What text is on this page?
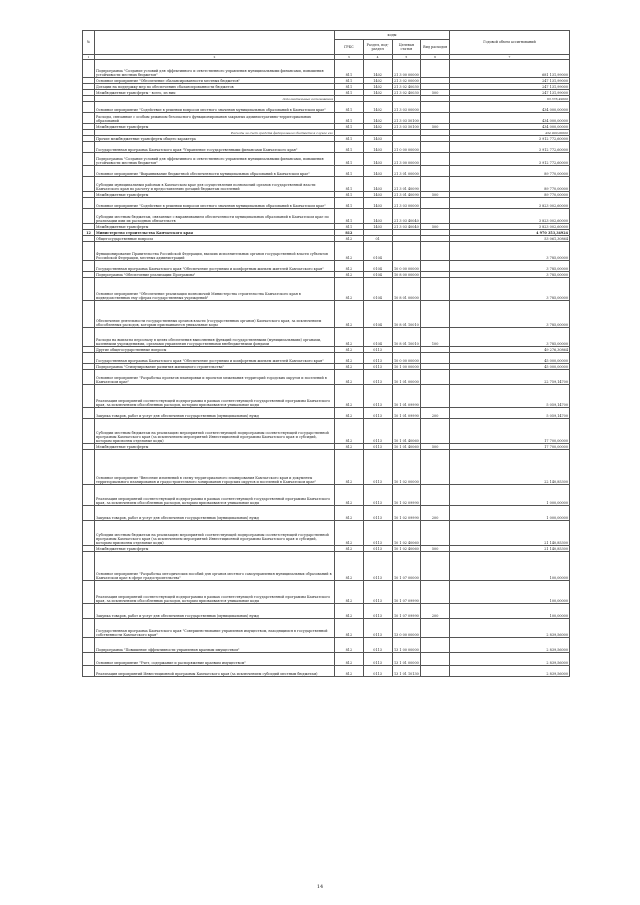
№		коды				Годовой объем ассигнований
		ГРБС	Раздел, под-раздел	Целевая статья	Вид расходов	
1	2	3	4	5	6	7
	Подпрограмма "Создание условий для эффективного и ответственного управления муниципальными финансами, повышения устойчивости местных бюджетов"	811	1402	21 3 00 00000		681 131,99000
	Основное мероприятие "Обеспечение сбалансированности местных бюджетов"	811	1402	21 3 02 00000		247 131,99000
	Дотации на поддержку мер по обеспечению сбалансированности бюджетов	811	1402	21 3 02 40030		247 131,99000
	Межбюджетные трансферты - всего, из них:	811	1402	21 3 02 40030	500	247 131,99000
	дополнительные ассигнования					63 376,49000
	Основное мероприятие "Содействие в решении вопросов местного значения муниципальных образований в Камчатском крае"	811	1402	21 3 03 00000		434 000,00000
	Расходы, связанные с особым режимом безопасного функционирования закрытых административно-территориальных образований	811	1402	21 3 03 50100		434 000,00000
	Межбюджетные трансферты	811	1402	21 3 03 50100	500	434 000,00000
	Расходы за счет средств федерального бюджета в случае его					434 000,00000
	Прочие межбюджетные трансферты общего характера	811	1403			3 912 772,60000
	Государственная программа Камчатского края "Управление государственными финансами Камчатского края"	811	1403	21 0 00 00000		3 912 772,60000
	Подпрограмма "Создание условий для эффективного и ответственного управления муниципальными финансами, повышения устойчивости местных бюджетов"	811	1403	21 3 00 00000		3 912 772,60000
	Основное мероприятие "Выравнивание бюджетной обеспеченности муниципальных образований в Камчатском крае"	811	1403	21 3 01 00000		89 770,00000
	Субсидии муниципальным районам в Камчатском крае для осуществления полномочий органов государственной власти Камчатского края по расчету и предоставлению дотаций бюджетам поселений	811	1403	21 3 01 40090		89 770,00000
	Межбюджетные трансферты	811	1403	21 3 01 40090	500	89 770,00000
	Основное мероприятие "Содействие в решении вопросов местного значения муниципальных образований в Камчатском крае"	811	1403	21 3 03 00000		3 823 002,60000
	Субсидии местным бюджетам, связанные с выравниванием обеспеченности муниципальных образований в Камчатском крае по реализации ими их расходных обязательств	811	1403	21 3 03 40040		3 823 002,60000
	Межбюджетные трансферты	811	1403	21 3 03 40040	500	3 823 002,60000
12	Министерство строительства Камчатского края	812				4 970 353,34924
	Общегосударственные вопросы	812	01			53 061,30864
	Функционирование Правительства Российской Федерации, высших исполнительных органов государственной власти субъектов Российской Федерации, местных администраций	812	0104			3 785,00000
	Государственная программа Камчатского края "Обеспечение доступным и комфортным жильем жителей Камчатского края"	812	0104	10 0 00 00000		3 785,00000
	Подпрограмма "Обеспечение реализации Программы"	812	0104	10 8 00 00000		3 785,00000
	Основное мероприятие "Обеспечение реализации полномочий Министерства строительства Камчатского края в подведомственных ему сферах государственных учреждений"	812	0104	10 8 01 00000		3 785,00000
	Обеспечение деятельности государственных органов власти (государственных органов) Камчатского края, за исключением обособленных расходов, которым присваиваются уникальные коды	812	0104	10 8 01 10010		3 785,00000
	Расходы на выплаты персоналу в целях обеспечения выполнения функций государственными (муниципальными) органами, казенными учреждениями, органами управления государственными внебюджетными фондами	812	0104	10 8 01 10010	100	3 785,00000
	Другие общегосударственные вопросы	812	0113			49 276,30864
	Государственная программа Камчатского края "Обеспечение доступным и комфортным жильем жителей Камчатского края"	812	0113	10 0 00 00000		45 000,00000
	Подпрограмма "Стимулирование развития жилищного строительства"	812	0113	10 1 00 00000		45 000,00000
	Основное мероприятие "Разработка проектов планировки и проектов межевания территорий городских округов и поселений в Камчатском крае"	812	0113	10 1 01 00000		22 759,14700
	Реализация мероприятий соответствующей подпрограммы в рамках соответствующей государственной программы Камчатского края, за исключением обособленных расходов, которым присваиваются уникальные коды	812	0113	10 1 01 09990		5 059,14700
	Закупка товаров, работ и услуг для обеспечения государственных (муниципальных) нужд	812	0113	10 1 01 09990	200	5 059,14700
	Субсидии местным бюджетам на реализацию мероприятий соответствующей подпрограммы соответствующей государственной программы Камчатского края (за исключением мероприятий Инвестиционной программы Камчатского края и субсидий, которым присвоены отдельные коды)	812	0113	10 1 01 40060		17 700,00000
	Межбюджетные трансферты	812	0113	10 1 01 40060	500	17 700,00000
	Основное мероприятие "Внесение изменений в схему территориального планирования Камчатского края и документы территориального планирования и градостроительного зонирования городских округов и поселений в Камчатском крае"	812	0113	10 1 02 00000		22 140,85300
	Реализация мероприятий соответствующей подпрограммы в рамках соответствующей государственной программы Камчатского края, за исключением обособленных расходов, которым присваиваются уникальные коды	812	0113	10 1 02 09990		1 000,00000
	Закупка товаров, работ и услуг для обеспечения государственных (муниципальных) нужд	812	0113	10 1 02 09990	200	1 000,00000
	Субсидии местным бюджетам на реализацию мероприятий соответствующей подпрограммы соответствующей государственной программы Камчатского края (за исключением мероприятий Инвестиционной программы Камчатского края и субсидий, которым присвоены отдельные коды)	812	0113	10 1 02 40060		21 140,85300
	Межбюджетные трансферты	812	0113	10 1 02 40060	500	21 140,85300
	Основное мероприятие "Разработка методических пособий для органов местного самоуправления муниципальных образований в Камчатском крае в сфере градостроительства"	812	0113	10 1 07 00000		100,00000
	Реализация мероприятий соответствующей подпрограммы в рамках соответствующей государственной программы Камчатского края, за исключением обособленных расходов, которым присваиваются уникальные коды	812	0113	10 1 07 09990		100,00000
	Закупка товаров, работ и услуг для обеспечения государственных (муниципальных) нужд	812	0113	10 1 07 09990	200	100,00000
	Государственная программа Камчатского края "Совершенствование управления имуществом, находящимся в государственной собственности Камчатского края"	812	0113	13 0 00 00000		2 839,56000
	Подпрограмма "Повышение эффективности управления краевым имуществом"	812	0113	13 1 00 00000		2 839,56000
	Основное мероприятие "Учет, содержание и распоряжение краевым имуществом"	812	0113	13 1 01 00000		2 839,56000
	Реализация мероприятий Инвестиционной программы Камчатского края (за исключением субсидий местным бюджетам)	812	0113	13 1 01 10130		2 839,56000
14
